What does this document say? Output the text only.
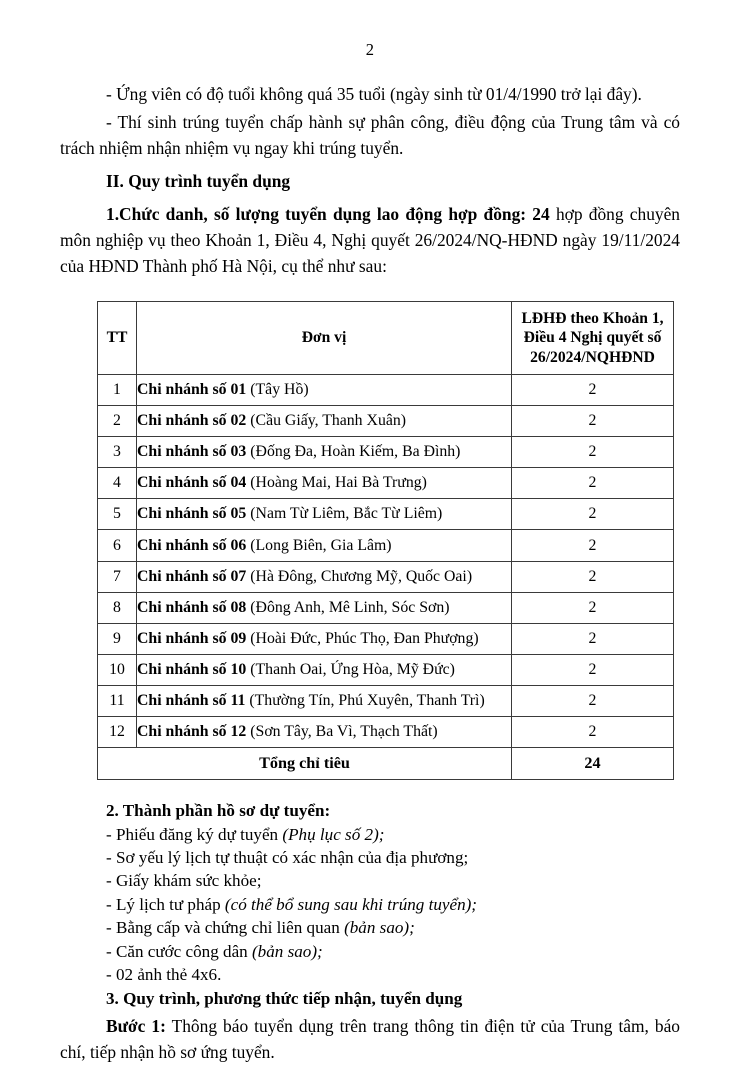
2

- Ứng viên có độ tuổi không quá 35 tuổi (ngày sinh từ 01/4/1990 trở lại đây).

- Thí sinh trúng tuyển chấp hành sự phân công, điều động của Trung tâm và có trách nhiệm nhận nhiệm vụ ngay khi trúng tuyển.

II. Quy trình tuyển dụng

1.Chức danh, số lượng tuyển dụng lao động hợp đồng: 24 hợp đồng chuyên môn nghiệp vụ theo Khoản 1, Điều 4, Nghị quyết 26/2024/NQ-HĐND ngày 19/11/2024 của HĐND Thành phố Hà Nội, cụ thể như sau:

TT	Đơn vị	LĐHĐ theo Khoản 1, Điều 4 Nghị quyết số 26/2024/NQHĐND
1	Chi nhánh số 01 (Tây Hồ)	2
2	Chi nhánh số 02 (Cầu Giấy, Thanh Xuân)	2
3	Chi nhánh số 03 (Đống Đa, Hoàn Kiếm, Ba Đình)	2
4	Chi nhánh số 04 (Hoàng Mai, Hai Bà Trưng)	2
5	Chi nhánh số 05 (Nam Từ Liêm, Bắc Từ Liêm)	2
6	Chi nhánh số 06 (Long Biên, Gia Lâm)	2
7	Chi nhánh số 07 (Hà Đông, Chương Mỹ, Quốc Oai)	2
8	Chi nhánh số 08 (Đông Anh, Mê Linh, Sóc Sơn)	2
9	Chi nhánh số 09 (Hoài Đức, Phúc Thọ, Đan Phượng)	2
10	Chi nhánh số 10 (Thanh Oai, Ứng Hòa, Mỹ Đức)	2
11	Chi nhánh số 11 (Thường Tín, Phú Xuyên, Thanh Trì)	2
12	Chi nhánh số 12 (Sơn Tây, Ba Vì, Thạch Thất)	2
Tổng chỉ tiêu		24

2. Thành phần hồ sơ dự tuyển:

- Phiếu đăng ký dự tuyển (Phụ lục số 2);

- Sơ yếu lý lịch tự thuật có xác nhận của địa phương;

- Giấy khám sức khỏe;

- Lý lịch tư pháp (có thể bổ sung sau khi trúng tuyển);

- Bằng cấp và chứng chỉ liên quan (bản sao);

- Căn cước công dân (bản sao);

- 02 ảnh thẻ 4x6.

3. Quy trình, phương thức tiếp nhận, tuyển dụng

Bước 1: Thông báo tuyển dụng trên trang thông tin điện tử của Trung tâm, báo chí, tiếp nhận hồ sơ ứng tuyển.
